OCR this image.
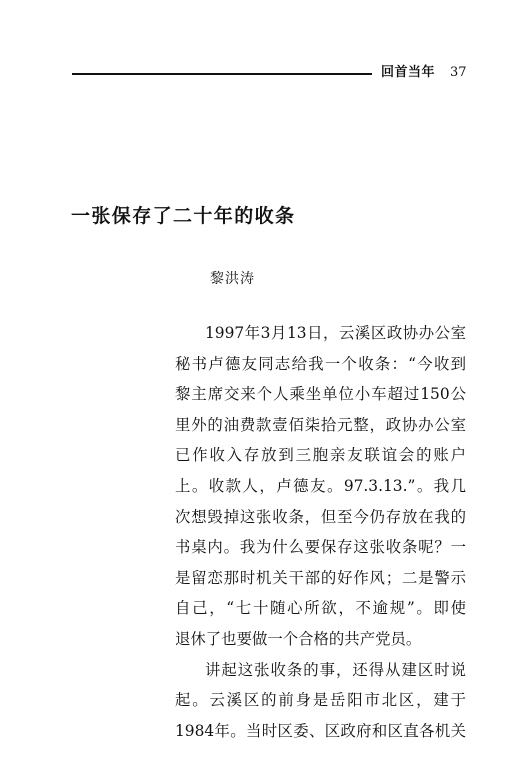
回首当年 37
一张保存了二十年的收条
黎洪涛
1997年3月13日，云溪区政协办公室
秘书卢德友同志给我一个收条：“今收到
黎主席交来个人乘坐单位小车超过150公
里外的油费款壹佰柒拾元整，政协办公室
已作收入存放到三胞亲友联谊会的账户
上。收款人，卢德友。97.3.13.”。我几
次想毁掉这张收条，但至今仍存放在我的
书桌内。我为什么要保存这张收条呢？一
是留恋那时机关干部的好作风；二是警示
自己，“七十随心所欲，不逾规”。即使
退休了也要做一个合格的共产党员。
讲起这张收条的事，还得从建区时说
起。云溪区的前身是岳阳市北区，建于
1984年。当时区委、区政府和区直各机关
